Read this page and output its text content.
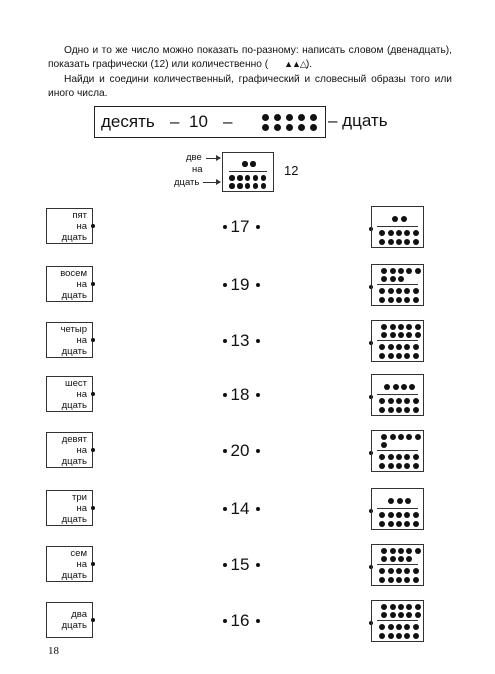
Одно и то же число можно показать по-разному: написать словом (двенадцать), показать графически (12) или количественно ( ▲▲△).

Найди и соедини количественный, графический и словесный образы того или иного числа.

десять – 10 –	– дцать
две
на
дцать
12
пят
на
дцать
17
восем
на
дцать
19
четыр
на
дцать
13
шест
на
дцать
18
девят
на
дцать
20
три
на
дцать
14
сем
на
дцать
15
два
дцать	16
18
